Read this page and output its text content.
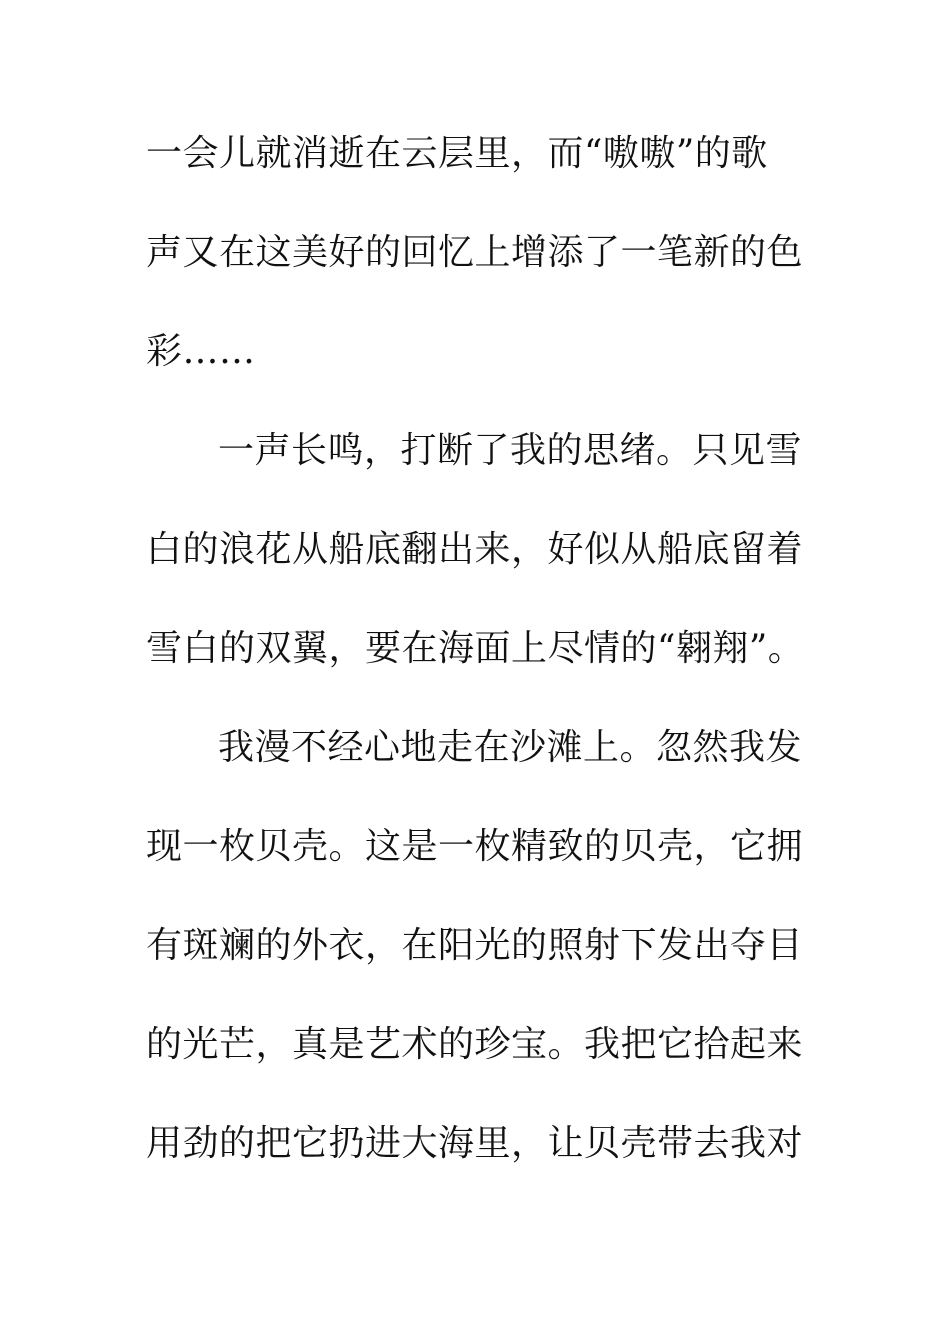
一会儿就消逝在云层里，而“嗷嗷”的歌
声又在这美好的回忆上增添了一笔新的色
彩……
一声长鸣，打断了我的思绪。只见雪
白的浪花从船底翻出来，好似从船底留着
雪白的双翼，要在海面上尽情的“翱翔”。
我漫不经心地走在沙滩上。忽然我发
现一枚贝壳。这是一枚精致的贝壳，它拥
有斑斓的外衣，在阳光的照射下发出夺目
的光芒，真是艺术的珍宝。我把它拾起来
用劲的把它扔进大海里，让贝壳带去我对
